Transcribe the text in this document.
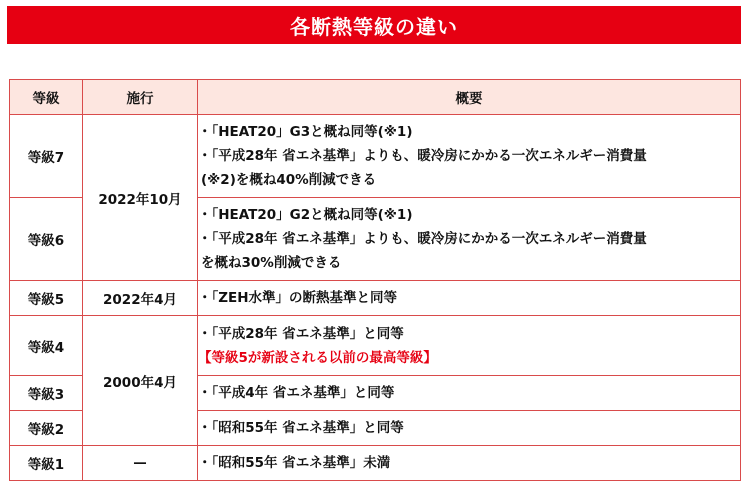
各断熱等級の違い
等級	施行	概要
等級7	2022年10月	・「HEAT20」G3と概ね同等(※1)
・「平成28年 省エネ基準」よりも、暖冷房にかかる一次エネルギー消費量
(※2)を概ね40%削減できる

等級6		・「HEAT20」G2と概ね同等(※1)
・「平成28年 省エネ基準」よりも、暖冷房にかかる一次エネルギー消費量
を概ね30%削減できる

等級5	2022年4月	・「ZEH水準」の断熱基準と同等

等級4	2000年4月	・「平成28年 省エネ基準」と同等
【等級5が新設される以前の最高等級】

等級3		・「平成4年 省エネ基準」と同等

等級2		・「昭和55年 省エネ基準」と同等

等級1	—	・「昭和55年 省エネ基準」未満
